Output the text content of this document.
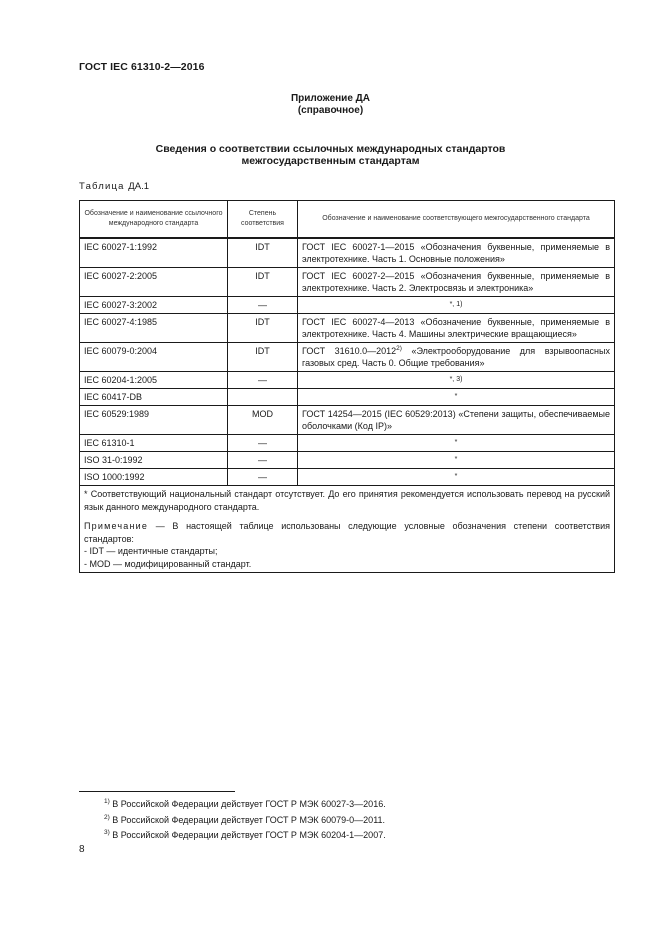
ГОСТ IEC 61310-2—2016
Приложение ДА
(справочное)
Сведения о соответствии ссылочных международных стандартов
межгосударственным стандартам
Таблица ДА.1
Обозначение и наименование ссылочного международного стандарта	Степень соответствия	Обозначение и наименование соответствующего межгосударственного стандарта
IEC 60027-1:1992	IDT	ГОСТ IEC 60027-1—2015 «Обозначения буквенные, применяемые в электротехнике. Часть 1. Основные положения»
IEC 60027-2:2005	IDT	ГОСТ IEC 60027-2—2015 «Обозначения буквенные, применяемые в электротехнике. Часть 2. Электросвязь и электроника»
IEC 60027-3:2002	—	*, 1)
IEC 60027-4:1985	IDT	ГОСТ IEC 60027-4—2013 «Обозначение буквенные, применяемые в электротехнике. Часть 4. Машины электрические вращающиеся»
IEC 60079-0:2004	IDT	ГОСТ 31610.0—2012$^{2)}$ «Электрооборудование для взрывоопасных газовых сред. Часть 0. Общие требования»
IEC 60204-1:2005	—	*, 3)
IEC 60417-DB		*
IEC 60529:1989	MOD	ГОСТ 14254—2015 (IEC 60529:2013) «Степени защиты, обеспечиваемые оболочками (Код IP)»
IEC 61310-1	—	*
ISO 31-0:1992	—	*
ISO 1000:1992	—	*

* Соответствующий национальный стандарт отсутствует. До его принятия рекомендуется использовать перевод на русский язык данного международного стандарта.

Примечание — В настоящей таблице использованы следующие условные обозначения степени соответствия стандартов:

- IDT — идентичные стандарты;

- MOD — модифицированный стандарт.		

$^{1)}$ В Российской Федерации действует ГОСТ Р МЭК 60027-3—2016.
$^{2)}$ В Российской Федерации действует ГОСТ Р МЭК 60079-0—2011.
$^{3)}$ В Российской Федерации действует ГОСТ Р МЭК 60204-1—2007.
8
